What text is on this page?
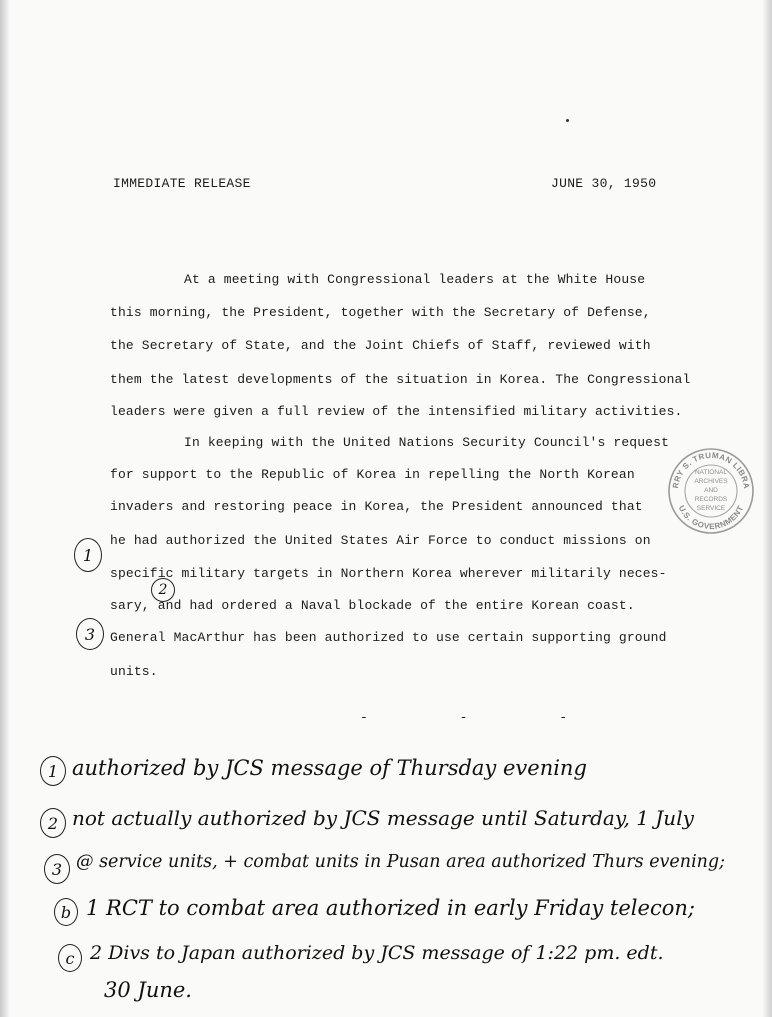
IMMEDIATE RELEASE	JUNE 30, 1950
At a meeting with Congressional leaders at the White House
this morning, the President, together with the Secretary of Defense,
the Secretary of State, and the Joint Chiefs of Staff, reviewed with
them the latest developments of the situation in Korea. The Congressional
leaders were given a full review of the intensified military activities.
In keeping with the United Nations Security Council's request
for support to the Republic of Korea in repelling the North Korean
invaders and restoring peace in Korea, the President announced that
he had authorized the United States Air Force to conduct missions on
specific military targets in Northern Korea wherever militarily neces-
sary, and had ordered a Naval blockade of the entire Korean coast.
General MacArthur has been authorized to use certain supporting ground
units.
1
2
3
- - -
1 authorized by JCS message of Thursday evening
2 not actually authorized by JCS message until Saturday, 1 July
3 @ service units, + combat units in Pusan area authorized Thurs evening;
b 1 RCT to combat area authorized in early Friday telecon;
c 2 Divs to Japan authorized by JCS message of 1:22 pm. edt.
30 June.
RRY S. TRUMAN LIBRA
U.S. GOVERNMENT
NATIONAL
ARCHIVES AND
RECORDS
SERVICE
